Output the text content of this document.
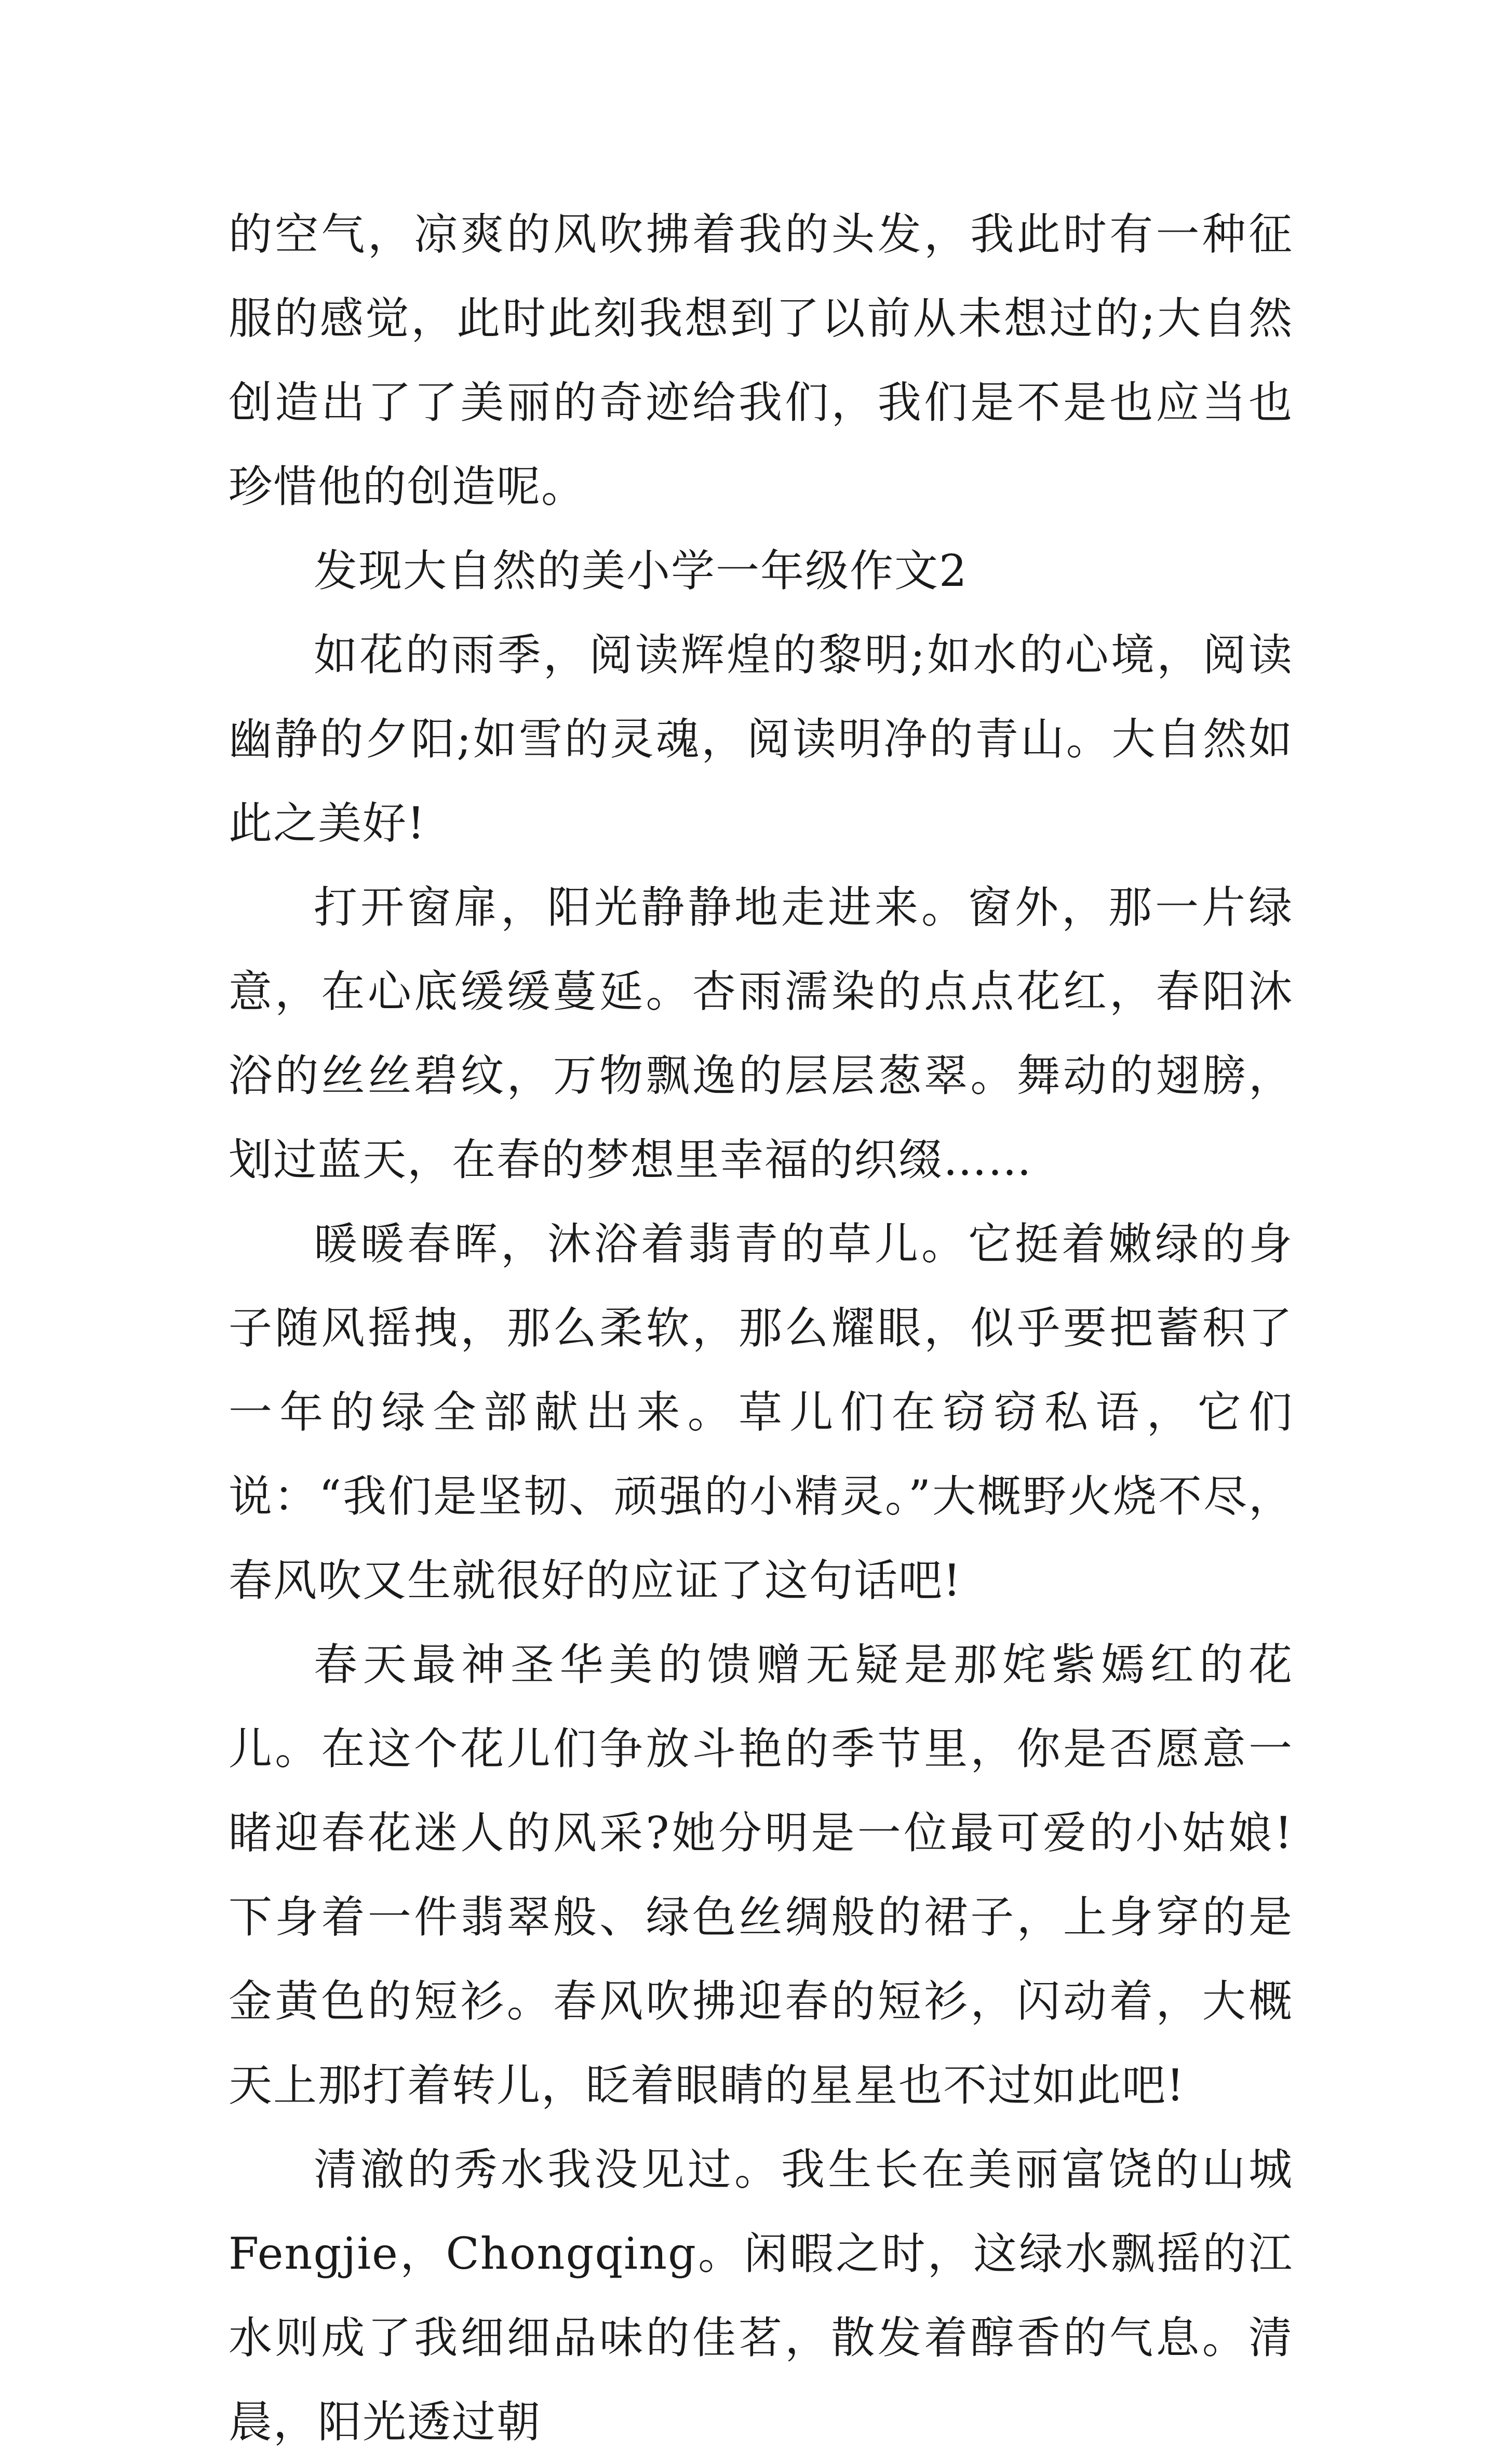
的空气，凉爽的风吹拂着我的头发，我此时有一种征服的感觉，此时此刻我想到了以前从未想过的;大自然创造出了了美丽的奇迹给我们，我们是不是也应当也珍惜他的创造呢。

发现大自然的美小学一年级作文2

如花的雨季，阅读辉煌的黎明;如水的心境，阅读幽静的夕阳;如雪的灵魂，阅读明净的青山。大自然如此之美好!

打开窗扉，阳光静静地走进来。窗外，那一片绿意，在心底缓缓蔓延。杏雨濡染的点点花红，春阳沐浴的丝丝碧纹，万物飘逸的层层葱翠。舞动的翅膀，划过蓝天，在春的梦想里幸福的织缀……

暖暖春晖，沐浴着翡青的草儿。它挺着嫩绿的身子随风摇拽，那么柔软，那么耀眼，似乎要把蓄积了一年的绿全部献出来。草儿们在窃窃私语，它们说：“我们是坚韧、顽强的小精灵。”大概野火烧不尽，春风吹又生就很好的应证了这句话吧!

春天最神圣华美的馈赠无疑是那姹紫嫣红的花儿。在这个花儿们争放斗艳的季节里，你是否愿意一睹迎春花迷人的风采?她分明是一位最可爱的小姑娘!下身着一件翡翠般、绿色丝绸般的裙子，上身穿的是金黄色的短衫。春风吹拂迎春的短衫，闪动着，大概天上那打着转儿，眨着眼睛的星星也不过如此吧!

清澈的秀水我没见过。我生长在美丽富饶的山城Fengjie，Chongqing。闲暇之时，这绿水飘摇的江水则成了我细细品味的佳茗，散发着醇香的气息。清晨，阳光透过朝
